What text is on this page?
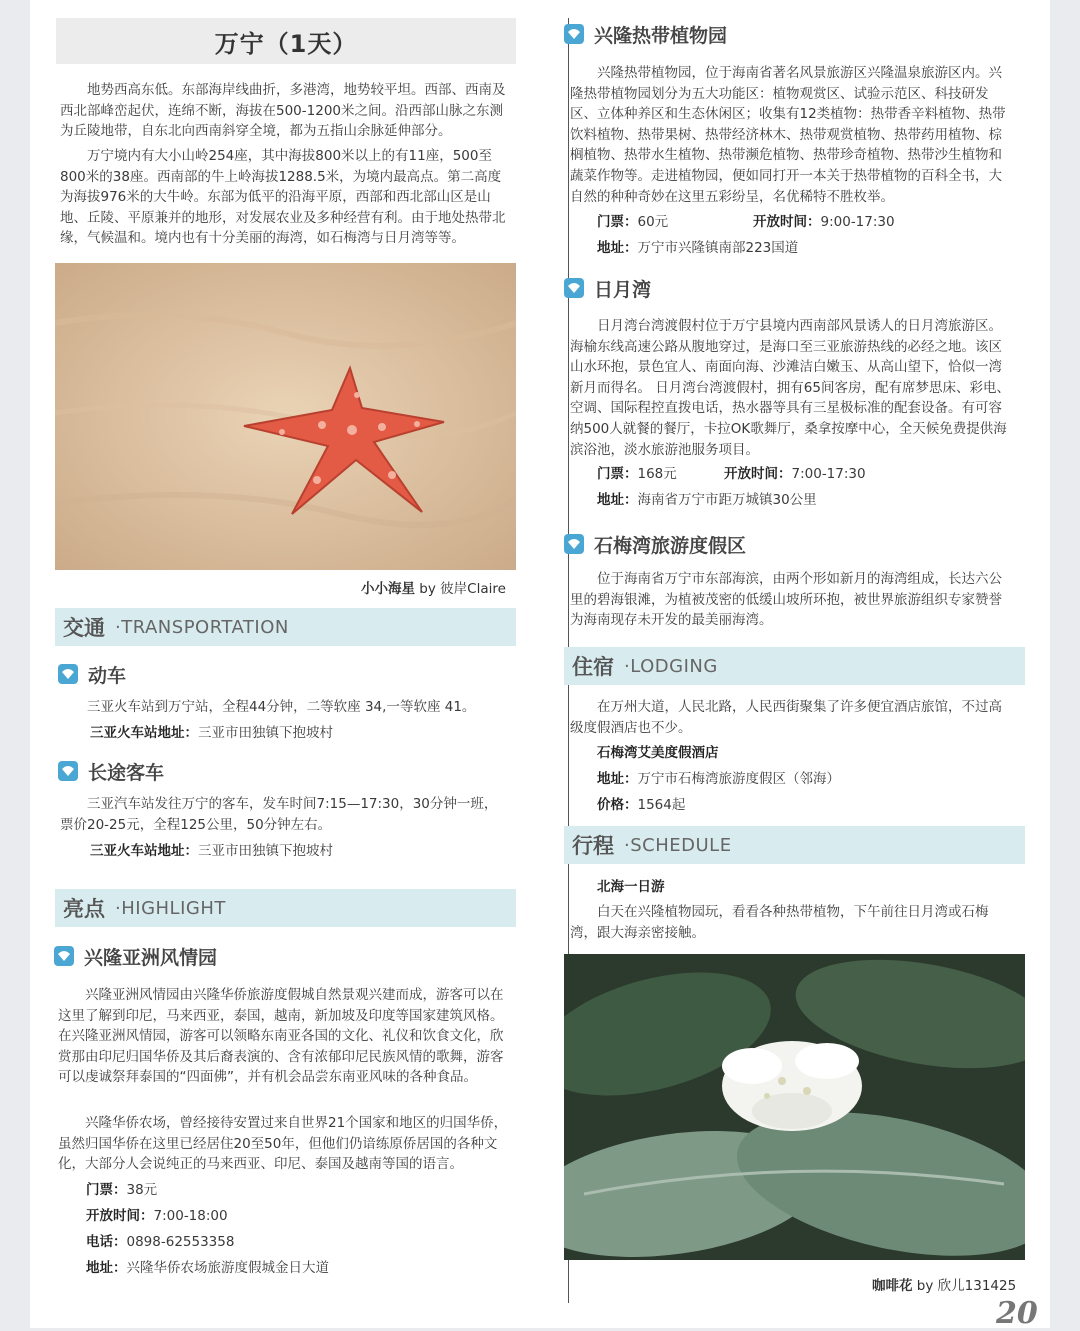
万宁（1天）

地势西高东低。东部海岸线曲折，多港湾，地势较平坦。西部、西南及西北部峰峦起伏，连绵不断，海拔在500-1200米之间。沿西部山脉之东测为丘陵地带，自东北向西南斜穿全境，都为五指山余脉延伸部分。

万宁境内有大小山岭254座，其中海拔800米以上的有11座，500至800米的38座。西南部的牛上岭海拔1288.5米，为境内最高点。第二高度为海拔976米的大牛岭。东部为低平的沿海平原，西部和西北部山区是山地、丘陵、平原兼并的地形，对发展农业及多种经营有利。由于地处热带北缘，气候温和。境内也有十分美丽的海湾，如石梅湾与日月湾等等。

小小海星 by 彼岸Claire
交通 ·TRANSPORTATION
动车

三亚火车站到万宁站，全程44分钟，二等软座 34,一等软座 41。

三亚火车站地址：三亚市田独镇下抱坡村
长途客车

三亚汽车站发往万宁的客车，发车时间7:15—17:30，30分钟一班，票价20-25元，全程125公里，50分钟左右。

三亚火车站地址：三亚市田独镇下抱坡村
亮点 ·HIGHLIGHT
兴隆亚洲风情园

兴隆亚洲风情园由兴隆华侨旅游度假城自然景观兴建而成，游客可以在这里了解到印尼，马来西亚，泰国，越南，新加坡及印度等国家建筑风格。 在兴隆亚洲风情园，游客可以领略东南亚各国的文化、礼仪和饮食文化，欣赏那由印尼归国华侨及其后裔表演的、含有浓郁印尼民族风情的歌舞，游客可以虔诚祭拜泰国的“四面佛”，并有机会品尝东南亚风味的各种食品。

兴隆华侨农场，曾经接待安置过来自世界21个国家和地区的归国华侨，虽然归国华侨在这里已经居住20至50年，但他们仍谙练原侨居国的各种文化，大部分人会说纯正的马来西亚、印尼、泰国及越南等国的语言。

门票：38元
开放时间：7:00-18:00
电话：0898-62553358
地址：兴隆华侨农场旅游度假城金日大道
兴隆热带植物园

兴隆热带植物园，位于海南省著名风景旅游区兴隆温泉旅游区内。兴隆热带植物园划分为五大功能区：植物观赏区、试验示范区、科技研发区、立体种养区和生态休闲区；收集有12类植物：热带香辛料植物、热带饮料植物、热带果树、热带经济林木、热带观赏植物、热带药用植物、棕榈植物、热带水生植物、热带濒危植物、热带珍奇植物、热带沙生植物和蔬菜作物等。走进植物园，便如同打开一本关于热带植物的百科全书，大自然的种种奇妙在这里五彩纷呈，名优稀特不胜枚举。

门票：60元	开放时间：9:00-17:30
地址：万宁市兴隆镇南部223国道
日月湾

日月湾台湾渡假村位于万宁县境内西南部风景诱人的日月湾旅游区。海榆东线高速公路从腹地穿过，是海口至三亚旅游热线的必经之地。该区山水环抱，景色宜人、南面向海、沙滩洁白嫩玉、从高山望下，恰似一湾新月而得名。 日月湾台湾渡假村，拥有65间客房，配有席梦思床、彩电、空调、国际程控直拨电话，热水器等具有三星极标准的配套设备。有可容纳500人就餐的餐厅，卡拉OK歌舞厅，桑拿按摩中心，全天候免费提供海滨浴池，淡水旅游池服务项目。

门票：168元	开放时间：7:00-17:30
地址：海南省万宁市距万城镇30公里
石梅湾旅游度假区

位于海南省万宁市东部海滨，由两个形如新月的海湾组成，长达六公里的碧海银滩，为植被茂密的低缓山坡所环抱，被世界旅游组织专家赞誉为海南现存未开发的最美丽海湾。

住宿 ·LODGING

在万州大道，人民北路，人民西街聚集了许多便宜酒店旅馆，不过高级度假酒店也不少。

石梅湾艾美度假酒店
地址：万宁市石梅湾旅游度假区（邻海）
价格：1564起
行程 ·SCHEDULE
北海一日游

白天在兴隆植物园玩，看看各种热带植物，下午前往日月湾或石梅湾，跟大海亲密接触。

咖啡花 by 欣儿131425
20
